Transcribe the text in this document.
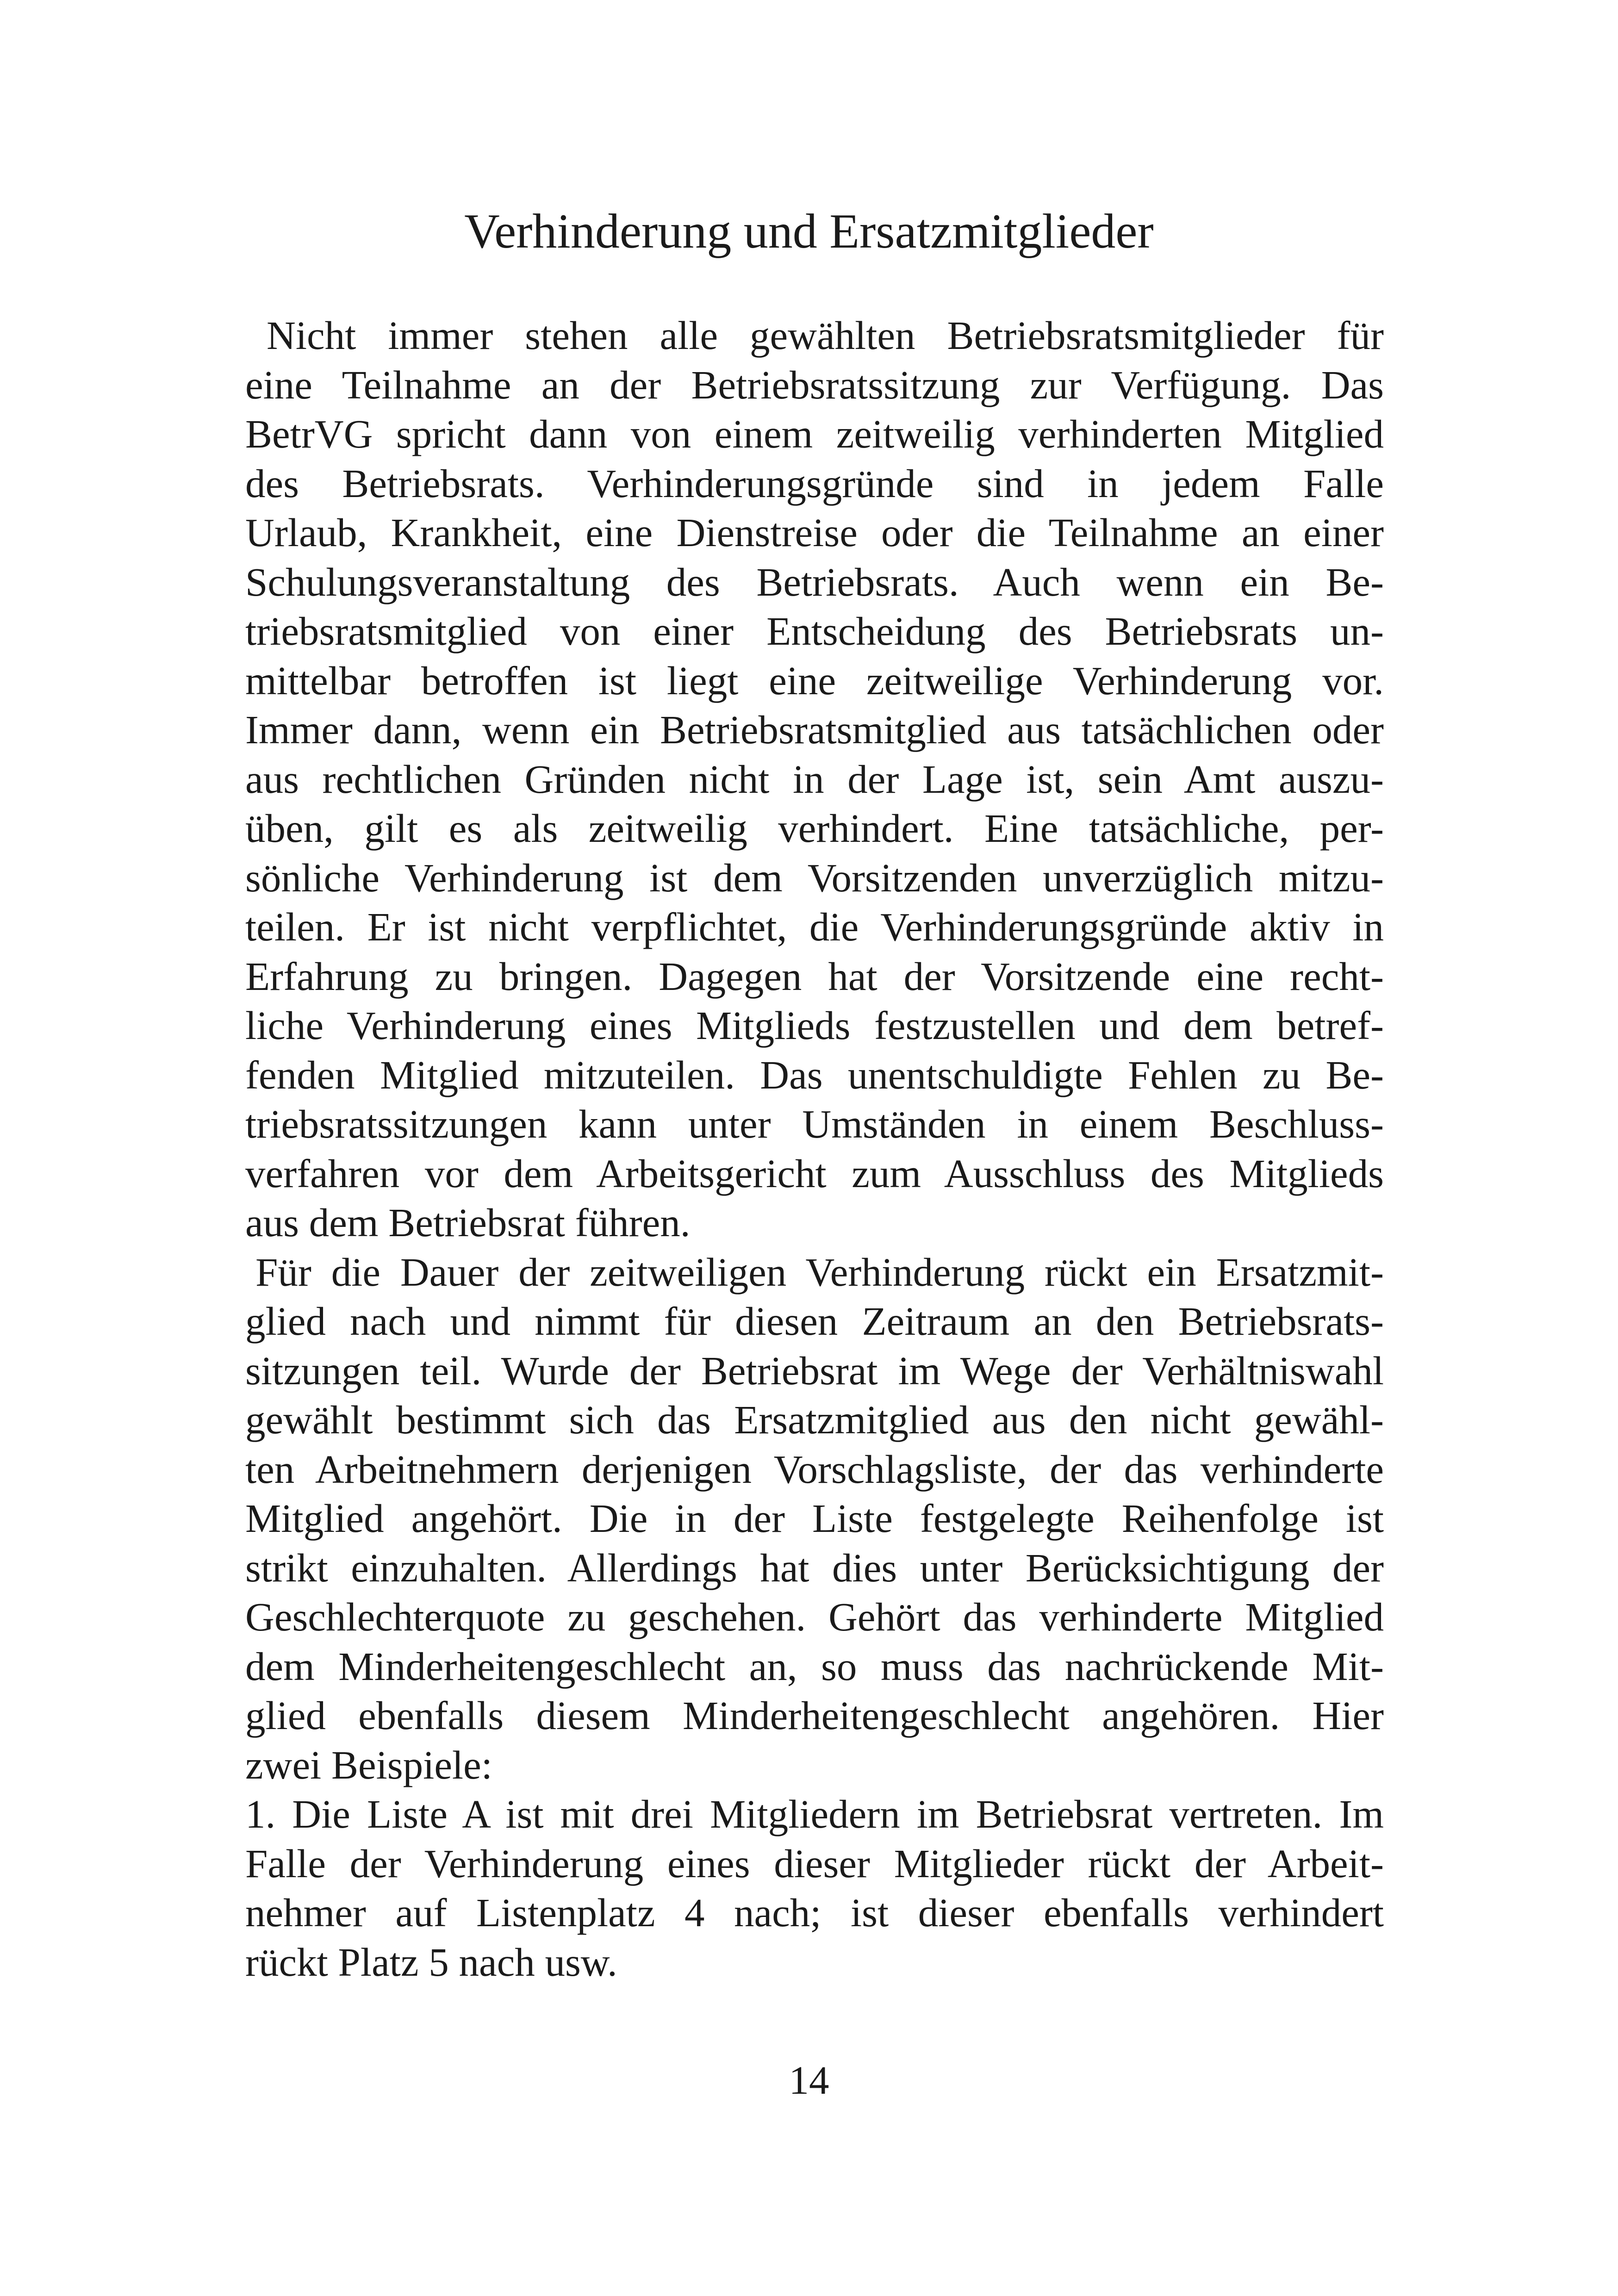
Verhinderung und Ersatzmitglieder
Nicht immer stehen alle gewählten Betriebsratsmitglieder für
eine Teilnahme an der Betriebsratssitzung zur Verfügung. Das
BetrVG spricht dann von einem zeitweilig verhinderten Mitglied
des Betriebsrats. Verhinderungsgründe sind in jedem Falle
Urlaub, Krankheit, eine Dienstreise oder die Teilnahme an einer
Schulungsveranstaltung des Betriebsrats. Auch wenn ein Be-
triebsratsmitglied von einer Entscheidung des Betriebsrats un-
mittelbar betroffen ist liegt eine zeitweilige Verhinderung vor.
Immer dann, wenn ein Betriebsratsmitglied aus tatsächlichen oder
aus rechtlichen Gründen nicht in der Lage ist, sein Amt auszu-
üben, gilt es als zeitweilig verhindert. Eine tatsächliche, per-
sönliche Verhinderung ist dem Vorsitzenden unverzüglich mitzu-
teilen. Er ist nicht verpflichtet, die Verhinderungsgründe aktiv in
Erfahrung zu bringen. Dagegen hat der Vorsitzende eine recht-
liche Verhinderung eines Mitglieds festzustellen und dem betref-
fenden Mitglied mitzuteilen. Das unentschuldigte Fehlen zu Be-
triebsratssitzungen kann unter Umständen in einem Beschluss-
verfahren vor dem Arbeitsgericht zum Ausschluss des Mitglieds
aus dem Betriebsrat führen.
Für die Dauer der zeitweiligen Verhinderung rückt ein Ersatzmit-
glied nach und nimmt für diesen Zeitraum an den Betriebsrats-
sitzungen teil. Wurde der Betriebsrat im Wege der Verhältniswahl
gewählt bestimmt sich das Ersatzmitglied aus den nicht gewähl-
ten Arbeitnehmern derjenigen Vorschlagsliste, der das verhinderte
Mitglied angehört. Die in der Liste festgelegte Reihenfolge ist
strikt einzuhalten. Allerdings hat dies unter Berücksichtigung der
Geschlechterquote zu geschehen. Gehört das verhinderte Mitglied
dem Minderheitengeschlecht an, so muss das nachrückende Mit-
glied ebenfalls diesem Minderheitengeschlecht angehören. Hier
zwei Beispiele:
1. Die Liste A ist mit drei Mitgliedern im Betriebsrat vertreten. Im
Falle der Verhinderung eines dieser Mitglieder rückt der Arbeit-
nehmer auf Listenplatz 4 nach; ist dieser ebenfalls verhindert
rückt Platz 5 nach usw.
14
